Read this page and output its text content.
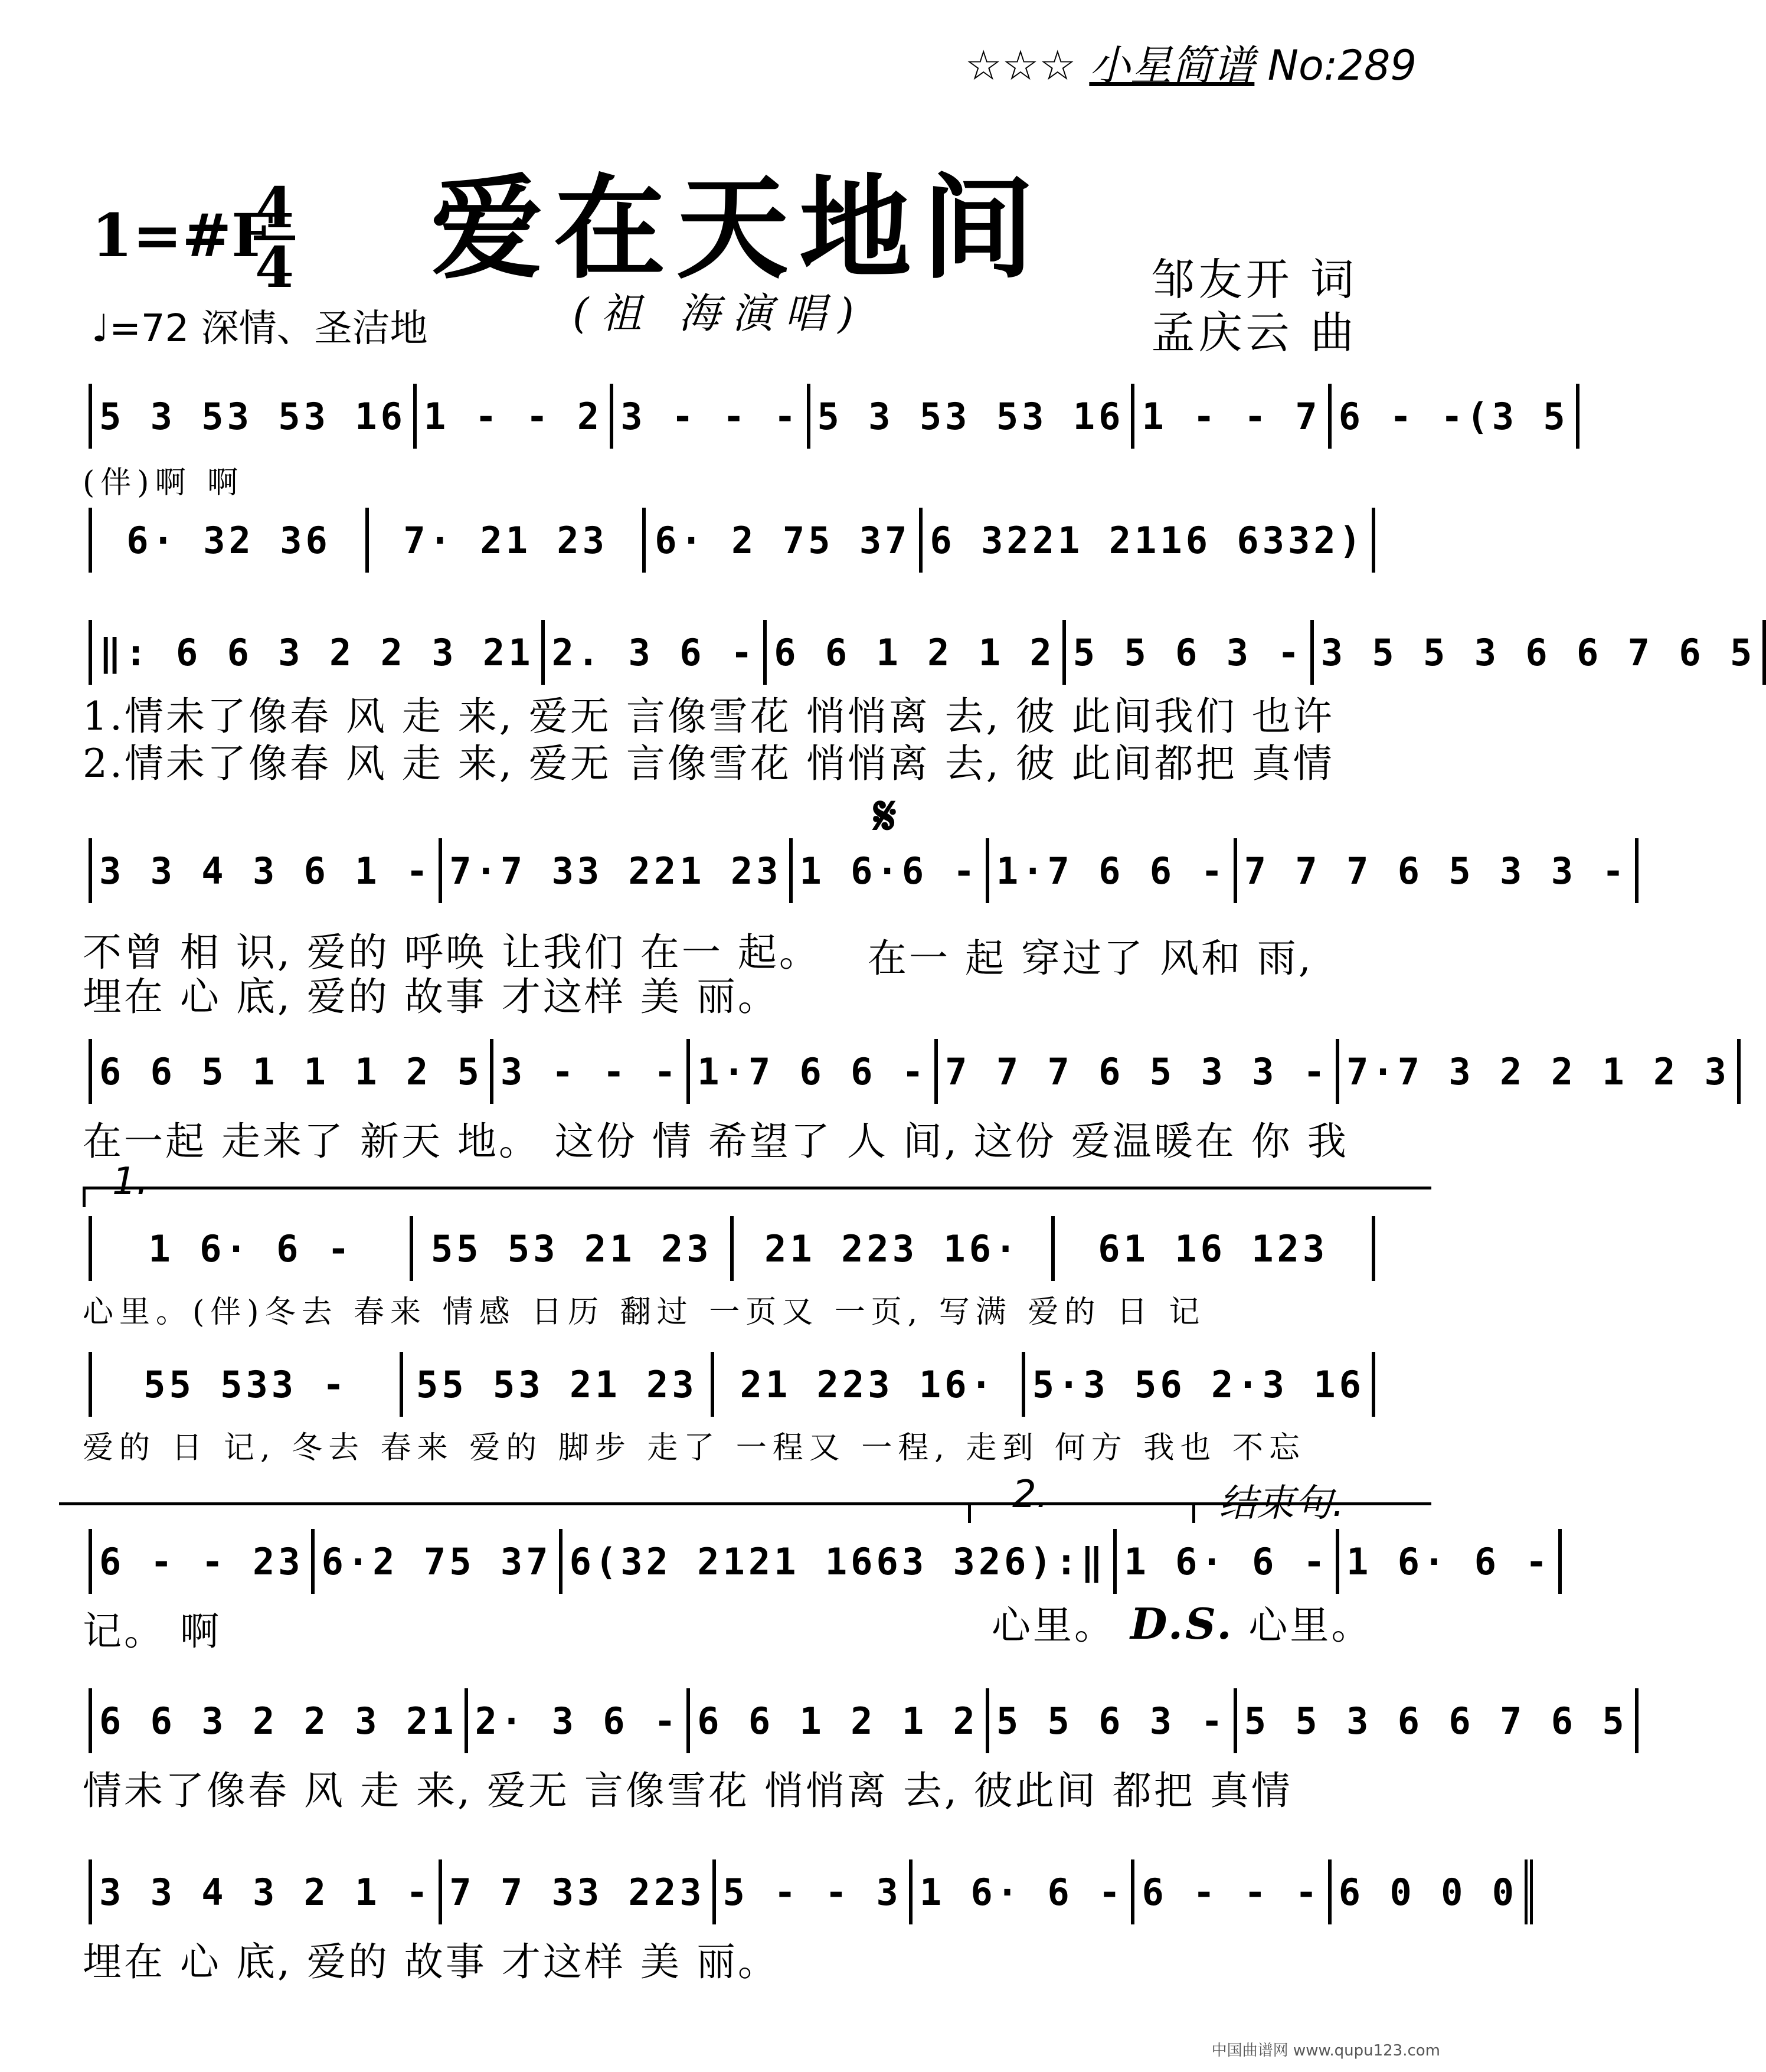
☆☆☆ 小星简谱 No:289
爱在天地间
(祖 海演唱)
1=#F
4
4
♩=72 深情、圣洁地
邹友开 词
孟庆云 曲
5 3 53 53 16 1 - - 2 3 - - - 5 3 53 53 16 1 - - 7 6 - -(3 5
(伴)啊 啊
6· 32 36	7· 21 23	6· 2 75 37 6 3221 2116 6332)
‖: 6 6 3 2 2 3 21 2. 3 6 - 6 6 1 2 1 2 5 5 6 3 - 3 5 5 3 6 6 7 6 5
1.情未了像春 风 走 来, 爱无 言像雪花 悄悄离 去, 彼 此间我们 也许
2.情未了像春 风 走 来, 爱无 言像雪花 悄悄离 去, 彼 此间都把 真情
𝄋
3 3 4 3 6 1 - 7·7 33 221 23 1 6·6 - 1·7 6 6 - 7 7 7 6 5 3 3 -
不曾 相 识, 爱的 呼唤 让我们 在一 起。
埋在 心 底, 爱的 故事 才这样 美 丽。
在一 起 穿过了 风和 雨,
6 6 5 1 1 1 2 5 3 - - - 1·7 6 6 - 7 7 7 6 5 3 3 - 7·7 3 2 2 1 2 3
在一起 走来了 新天 地。 这份 情 希望了 人 间, 这份 爱温暖在 你 我
1.
1 6· 6 -	55 53 21 23	21 223 16·	61 16 123
心里。(伴)冬去 春来 情感 日历 翻过 一页又 一页, 写满 爱的 日 记
55 533 -	55 53 21 23	21 223 16· 5·3 56 2·3 16
爱的 日 记, 冬去 春来 爱的 脚步 走了 一程又 一程, 走到 何方 我也 不忘
2.	结束句.
6 - - 23 6·2 75 37 6(32 2121 1663 326):‖ 1 6· 6 - 1 6· 6 -
记。 啊	心里。 D.S. 心里。
6 6 3 2 2 3 21 2· 3 6 - 6 6 1 2 1 2 5 5 6 3 - 5 5 3 6 6 7 6 5
情未了像春 风 走 来, 爱无 言像雪花 悄悄离 去, 彼此间 都把 真情
3 3 4 3 2 1 - 7 7 33 223 5 - - 3 1 6· 6 - 6 - - - 6 0 0 0
埋在 心 底, 爱的 故事 才这样 美 丽。
中国曲谱网 www.qupu123.com
